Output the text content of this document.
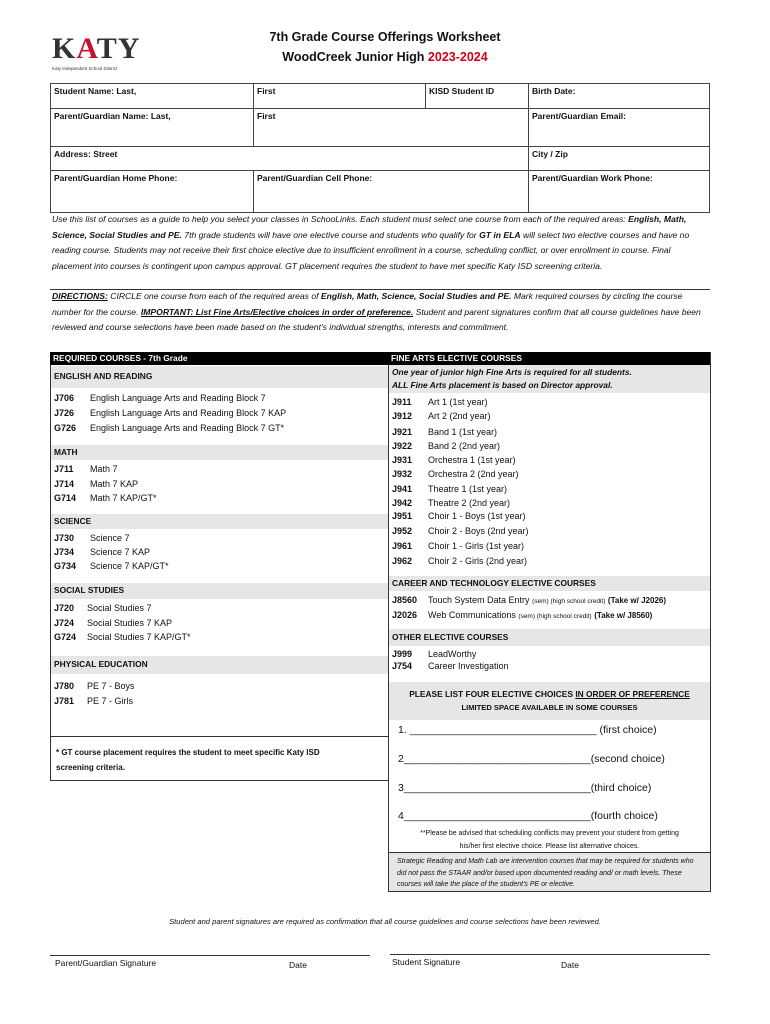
KATY
Katy Independent School District
7th Grade Course Offerings Worksheet
WoodCreek Junior High 2023-2024
Student Name: Last,	First	KISD Student ID	Birth Date:
Parent/Guardian Name: Last,	First		Parent/Guardian Email:
Address: Street			City / Zip
Parent/Guardian Home Phone:	Parent/Guardian Cell Phone:		Parent/Guardian Work Phone:
Use this list of courses as a guide to help you select your classes in SchooLinks. Each student must select one course from each of the required areas: English, Math, Science, Social Studies and PE. 7th grade students will have one elective course and students who qualify for GT in ELA will select two elective courses and have no reading course. Students may not receive their first choice elective due to insufficient enrollment in a course, scheduling conflict, or over enrollment in course. Final placement into courses is contingent upon campus approval. GT placement requires the student to have met specific Katy ISD screening criteria.
DIRECTIONS: CIRCLE one course from each of the required areas of English, Math, Science, Social Studies and PE. Mark required courses by circling the course number for the course. IMPORTANT: List Fine Arts/Elective choices in order of preference. Student and parent signatures confirm that all course guidelines have been reviewed and course selections have been made based on the student's individual strengths, interests and commitment.
REQUIRED COURSES - 7th Grade
ENGLISH AND READING
J706 English Language Arts and Reading Block 7
J726 English Language Arts and Reading Block 7 KAP
G726 English Language Arts and Reading Block 7 GT*
MATH
J711 Math 7
J714 Math 7 KAP
G714 Math 7 KAP/GT*
SCIENCE
J730 Science 7
J734 Science 7 KAP
G734 Science 7 KAP/GT*
SOCIAL STUDIES
J720 Social Studies 7
J724 Social Studies 7 KAP
G724 Social Studies 7 KAP/GT*
PHYSICAL EDUCATION
J780 PE 7 - Boys
J781 PE 7 - Girls
* GT course placement requires the student to meet specific Katy ISD screening criteria.
FINE ARTS ELECTIVE COURSES
One year of junior high Fine Arts is required for all students.
ALL Fine Arts placement is based on Director approval.
J911 Art 1 (1st year)
J912 Art 2 (2nd year)
J921 Band 1 (1st year)
J922 Band 2 (2nd year)
J931 Orchestra 1 (1st year)
J932 Orchestra 2 (2nd year)
J941 Theatre 1 (1st year)
J942 Theatre 2 (2nd year)
J951 Choir 1 - Boys (1st year)
J952 Choir 2 - Boys (2nd year)
J961 Choir 1 - Girls (1st year)
J962 Choir 2 - Girls (2nd year)
CAREER AND TECHNOLOGY ELECTIVE COURSES
J8560 Touch System Data Entry (sem) (high school credit) (Take w/ J2026)
J2026 Web Communications (sem) (high school credit) (Take w/ J8560)
OTHER ELECTIVE COURSES
J999 LeadWorthy
J754 Career Investigation
PLEASE LIST FOUR ELECTIVE CHOICES IN ORDER OF PREFERENCE
LIMITED SPACE AVAILABLE IN SOME COURSES
1. ________________________________ (first choice)
2________________________________(second choice)
3________________________________(third choice)
4________________________________(fourth choice)
**Please be advised that scheduling conflicts may prevent your student from getting
his/her first elective choice. Please list alternative choices.
Strategic Reading and Math Lab are intervention courses that may be required for students who did not pass the STAAR and/or based upon documented reading and/ or math levels. These courses will take the place of the student's PE or elective.
Student and parent signatures are required as confirmation that all course guidelines and course selections have been reviewed.
Parent/Guardian Signature	Date	Student Signature	Date
